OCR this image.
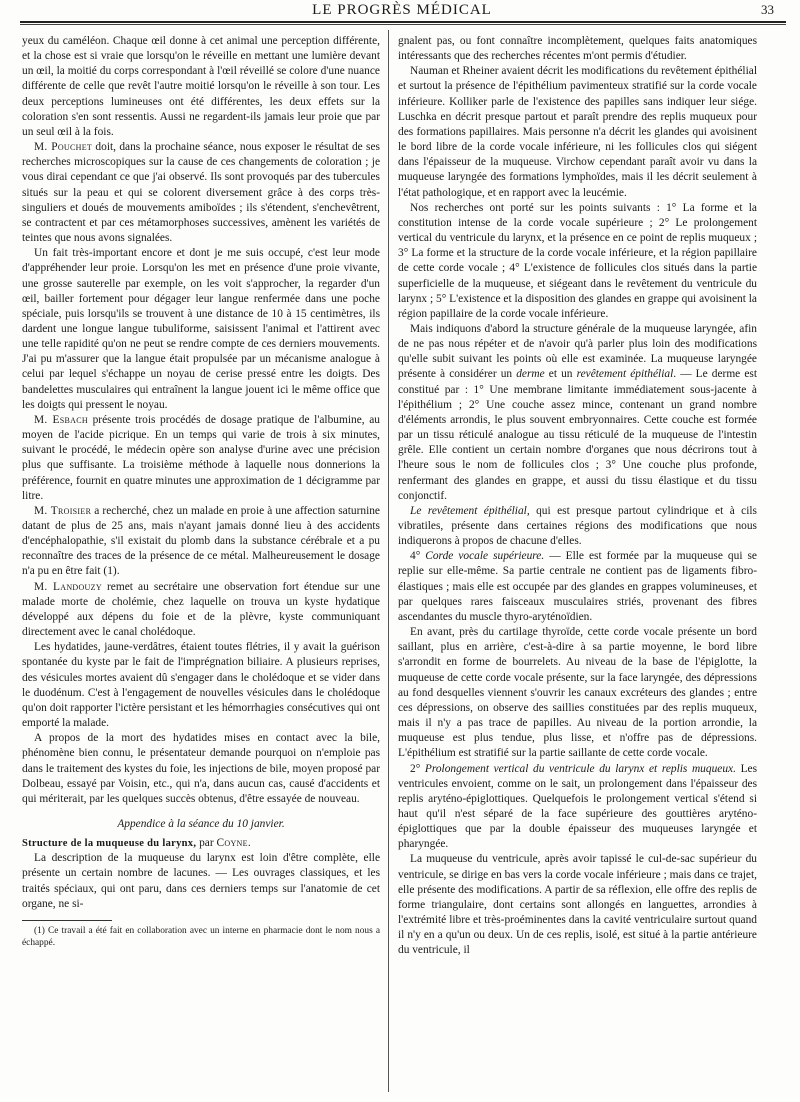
LE PROGRÈS MÉDICAL	33

yeux du caméléon. Chaque œil donne à cet animal une perception différente, et la chose est si vraie que lorsqu'on le réveille en mettant une lumière devant un œil, la moitié du corps correspondant à l'œil réveillé se colore d'une nuance différente de celle que revêt l'autre moitié lorsqu'on le réveille à son tour. Les deux perceptions lumineuses ont été différentes, les deux effets sur la coloration s'en sont ressentis. Aussi ne regardent-ils jamais leur proie que par un seul œil à la fois.

M. Pouchet doit, dans la prochaine séance, nous exposer le résultat de ses recherches microscopiques sur la cause de ces changements de coloration ; je vous dirai cependant ce que j'ai observé. Ils sont provoqués par des tubercules situés sur la peau et qui se colorent diversement grâce à des corps très-singuliers et doués de mouvements amiboïdes ; ils s'étendent, s'enchevêtrent, se contractent et par ces métamorphoses successives, amènent les variétés de teintes que nous avons signalées.

Un fait très-important encore et dont je me suis occupé, c'est leur mode d'appréhender leur proie. Lorsqu'on les met en présence d'une proie vivante, une grosse sauterelle par exemple, on les voit s'approcher, la regarder d'un œil, bailler fortement pour dégager leur langue renfermée dans une poche spéciale, puis lorsqu'ils se trouvent à une distance de 10 à 15 centimètres, ils dardent une longue langue tubuliforme, saisissent l'animal et l'attirent avec une telle rapidité qu'on ne peut se rendre compte de ces derniers mouvements. J'ai pu m'assurer que la langue était propulsée par un mécanisme analogue à celui par lequel s'échappe un noyau de cerise pressé entre les doigts. Des bandelettes musculaires qui entraînent la langue jouent ici le même office que les doigts qui pressent le noyau.

M. Esbach présente trois procédés de dosage pratique de l'albumine, au moyen de l'acide picrique. En un temps qui varie de trois à six minutes, suivant le procédé, le médecin opère son analyse d'urine avec une précision plus que suffisante. La troisième méthode à laquelle nous donnerions la préférence, fournit en quatre minutes une approximation de 1 décigramme par litre.

M. Troisier a recherché, chez un malade en proie à une affection saturnine datant de plus de 25 ans, mais n'ayant jamais donné lieu à des accidents d'encéphalopathie, s'il existait du plomb dans la substance cérébrale et a pu reconnaître des traces de la présence de ce métal. Malheureusement le dosage n'a pu en être fait (1).

M. Landouzy remet au secrétaire une observation fort étendue sur une malade morte de cholémie, chez laquelle on trouva un kyste hydatique développé aux dépens du foie et de la plèvre, kyste communiquant directement avec le canal cholédoque.

Les hydatides, jaune-verdâtres, étaient toutes flétries, il y avait la guérison spontanée du kyste par le fait de l'imprégnation biliaire. A plusieurs reprises, des vésicules mortes avaient dû s'engager dans le cholédoque et se vider dans le duodénum. C'est à l'engagement de nouvelles vésicules dans le cholédoque qu'on doit rapporter l'ictère persistant et les hémorrhagies consécutives qui ont emporté la malade.

A propos de la mort des hydatides mises en contact avec la bile, phénomène bien connu, le présentateur demande pourquoi on n'emploie pas dans le traitement des kystes du foie, les injections de bile, moyen proposé par Dolbeau, essayé par Voisin, etc., qui n'a, dans aucun cas, causé d'accidents et qui mériterait, par les quelques succès obtenus, d'être essayée de nouveau.

Appendice à la séance du 10 janvier.

Structure de la muqueuse du larynx, par Coyne.

La description de la muqueuse du larynx est loin d'être complète, elle présente un certain nombre de lacunes. — Les ouvrages classiques, et les traités spéciaux, qui ont paru, dans ces derniers temps sur l'anatomie de cet organe, ne si-

(1) Ce travail a été fait en collaboration avec un interne en pharmacie dont le nom nous a échappé.

gnalent pas, ou font connaître incomplètement, quelques faits anatomiques intéressants que des recherches récentes m'ont permis d'étudier.

Nauman et Rheiner avaient décrit les modifications du revêtement épithélial et surtout la présence de l'épithélium pavimenteux stratifié sur la corde vocale inférieure. Kolliker parle de l'existence des papilles sans indiquer leur siége. Luschka en décrit presque partout et paraît prendre des replis muqueux pour des formations papillaires. Mais personne n'a décrit les glandes qui avoisinent le bord libre de la corde vocale inférieure, ni les follicules clos qui siégent dans l'épaisseur de la muqueuse. Virchow cependant paraît avoir vu dans la muqueuse laryngée des formations lymphoïdes, mais il les décrit seulement à l'état pathologique, et en rapport avec la leucémie.

Nos recherches ont porté sur les points suivants : 1° La forme et la constitution intense de la corde vocale supérieure ; 2° Le prolongement vertical du ventricule du larynx, et la présence en ce point de replis muqueux ; 3° La forme et la structure de la corde vocale inférieure, et la région papillaire de cette corde vocale ; 4° L'existence de follicules clos situés dans la partie superficielle de la muqueuse, et siégeant dans le revêtement du ventricule du larynx ; 5° L'existence et la disposition des glandes en grappe qui avoisinent la région papillaire de la corde vocale inférieure.

Mais indiquons d'abord la structure générale de la muqueuse laryngée, afin de ne pas nous répéter et de n'avoir qu'à parler plus loin des modifications qu'elle subit suivant les points où elle est examinée. La muqueuse laryngée présente à considérer un derme et un revêtement épithélial. — Le derme est constitué par : 1° Une membrane limitante immédiatement sous-jacente à l'épithélium ; 2° Une couche assez mince, contenant un grand nombre d'éléments arrondis, le plus souvent embryonnaires. Cette couche est formée par un tissu réticulé analogue au tissu réticulé de la muqueuse de l'intestin grêle. Elle contient un certain nombre d'organes que nous décrirons tout à l'heure sous le nom de follicules clos ; 3° Une couche plus profonde, renfermant des glandes en grappe, et aussi du tissu élastique et du tissu conjonctif.

Le revêtement épithélial, qui est presque partout cylindrique et à cils vibratiles, présente dans certaines régions des modifications que nous indiquerons à propos de chacune d'elles.

4° Corde vocale supérieure. — Elle est formée par la muqueuse qui se replie sur elle-même. Sa partie centrale ne contient pas de ligaments fibro-élastiques ; mais elle est occupée par des glandes en grappes volumineuses, et par quelques rares faisceaux musculaires striés, provenant des fibres ascendantes du muscle thyro-aryténoïdien.

En avant, près du cartilage thyroïde, cette corde vocale présente un bord saillant, plus en arrière, c'est-à-dire à sa partie moyenne, le bord libre s'arrondit en forme de bourrelets. Au niveau de la base de l'épiglotte, la muqueuse de cette corde vocale présente, sur la face laryngée, des dépressions au fond desquelles viennent s'ouvrir les canaux excréteurs des glandes ; entre ces dépressions, on observe des saillies constituées par des replis muqueux, mais il n'y a pas trace de papilles. Au niveau de la portion arrondie, la muqueuse est plus tendue, plus lisse, et n'offre pas de dépressions. L'épithélium est stratifié sur la partie saillante de cette corde vocale.

2° Prolongement vertical du ventricule du larynx et replis muqueux. Les ventricules envoient, comme on le sait, un prolongement dans l'épaisseur des replis aryténo-épiglottiques. Quelquefois le prolongement vertical s'étend si haut qu'il n'est séparé de la face supérieure des gouttières aryténo-épiglottiques que par la double épaisseur des muqueuses laryngée et pharyngée.

La muqueuse du ventricule, après avoir tapissé le cul-de-sac supérieur du ventricule, se dirige en bas vers la corde vocale inférieure ; mais dans ce trajet, elle présente des modifications. A partir de sa réflexion, elle offre des replis de forme triangulaire, dont certains sont allongés en languettes, arrondies à l'extrémité libre et très-proéminentes dans la cavité ventriculaire surtout quand il n'y en a qu'un ou deux. Un de ces replis, isolé, est situé à la partie antérieure du ventricule, il
